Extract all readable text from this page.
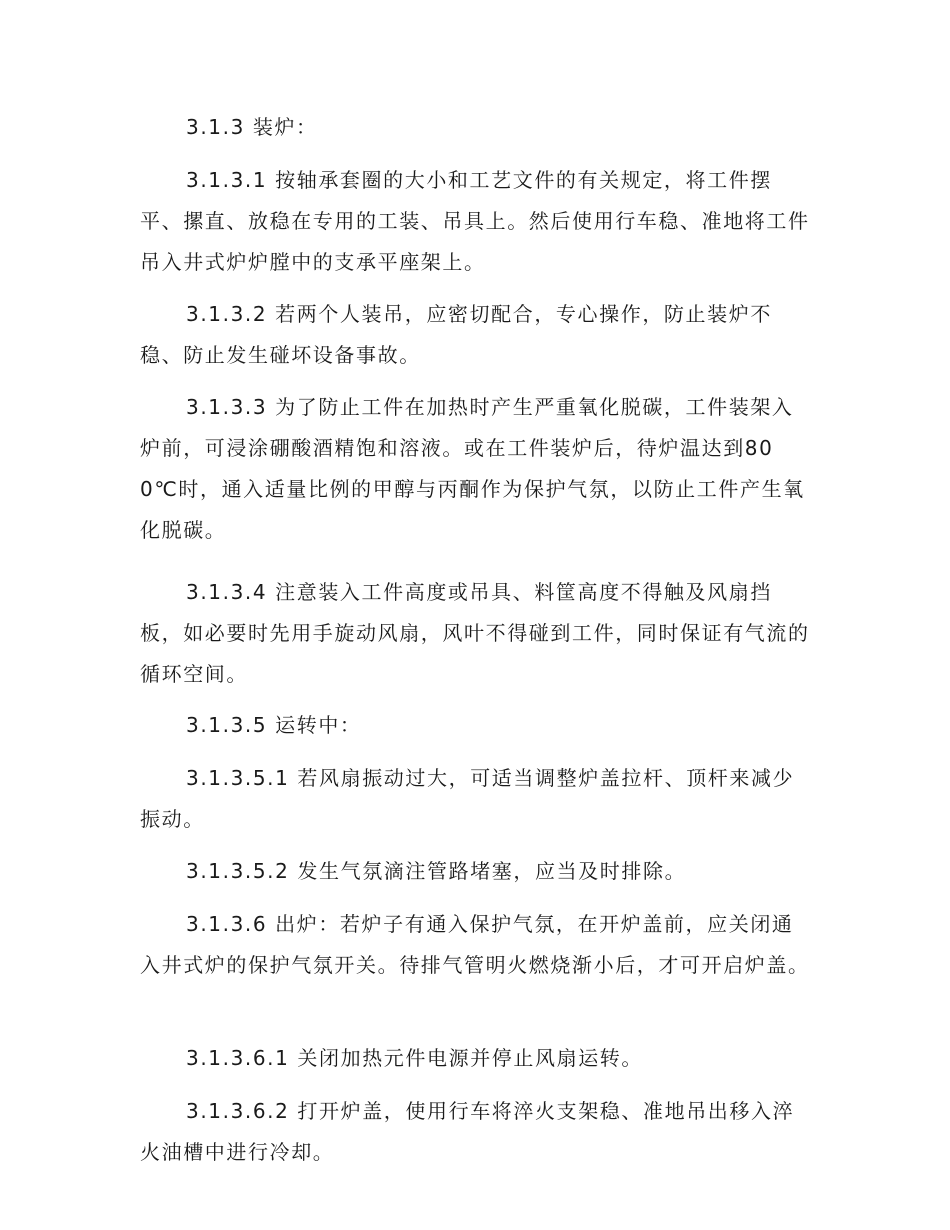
3.1.3 装炉：

3.1.3.1 按轴承套圈的大小和工艺文件的有关规定，将工件摆平、摞直、放稳在专用的工装、吊具上。然后使用行车稳、准地将工件吊入井式炉炉膛中的支承平座架上。

3.1.3.2 若两个人装吊，应密切配合，专心操作，防止装炉不稳、防止发生碰坏设备事故。

3.1.3.3 为了防止工件在加热时产生严重氧化脱碳，工件装架入炉前，可浸涂硼酸酒精饱和溶液。或在工件装炉后，待炉温达到800℃时，通入适量比例的甲醇与丙酮作为保护气氛，以防止工件产生氧化脱碳。

3.1.3.4 注意装入工件高度或吊具、料筐高度不得触及风扇挡板，如必要时先用手旋动风扇，风叶不得碰到工件，同时保证有气流的循环空间。

3.1.3.5 运转中：

3.1.3.5.1 若风扇振动过大，可适当调整炉盖拉杆、顶杆来减少振动。

3.1.3.5.2 发生气氛滴注管路堵塞，应当及时排除。

3.1.3.6 出炉：若炉子有通入保护气氛，在开炉盖前，应关闭通入井式炉的保护气氛开关。待排气管明火燃烧渐小后，才可开启炉盖。

3.1.3.6.1 关闭加热元件电源并停止风扇运转。

3.1.3.6.2 打开炉盖，使用行车将淬火支架稳、准地吊出移入淬火油槽中进行冷却。
